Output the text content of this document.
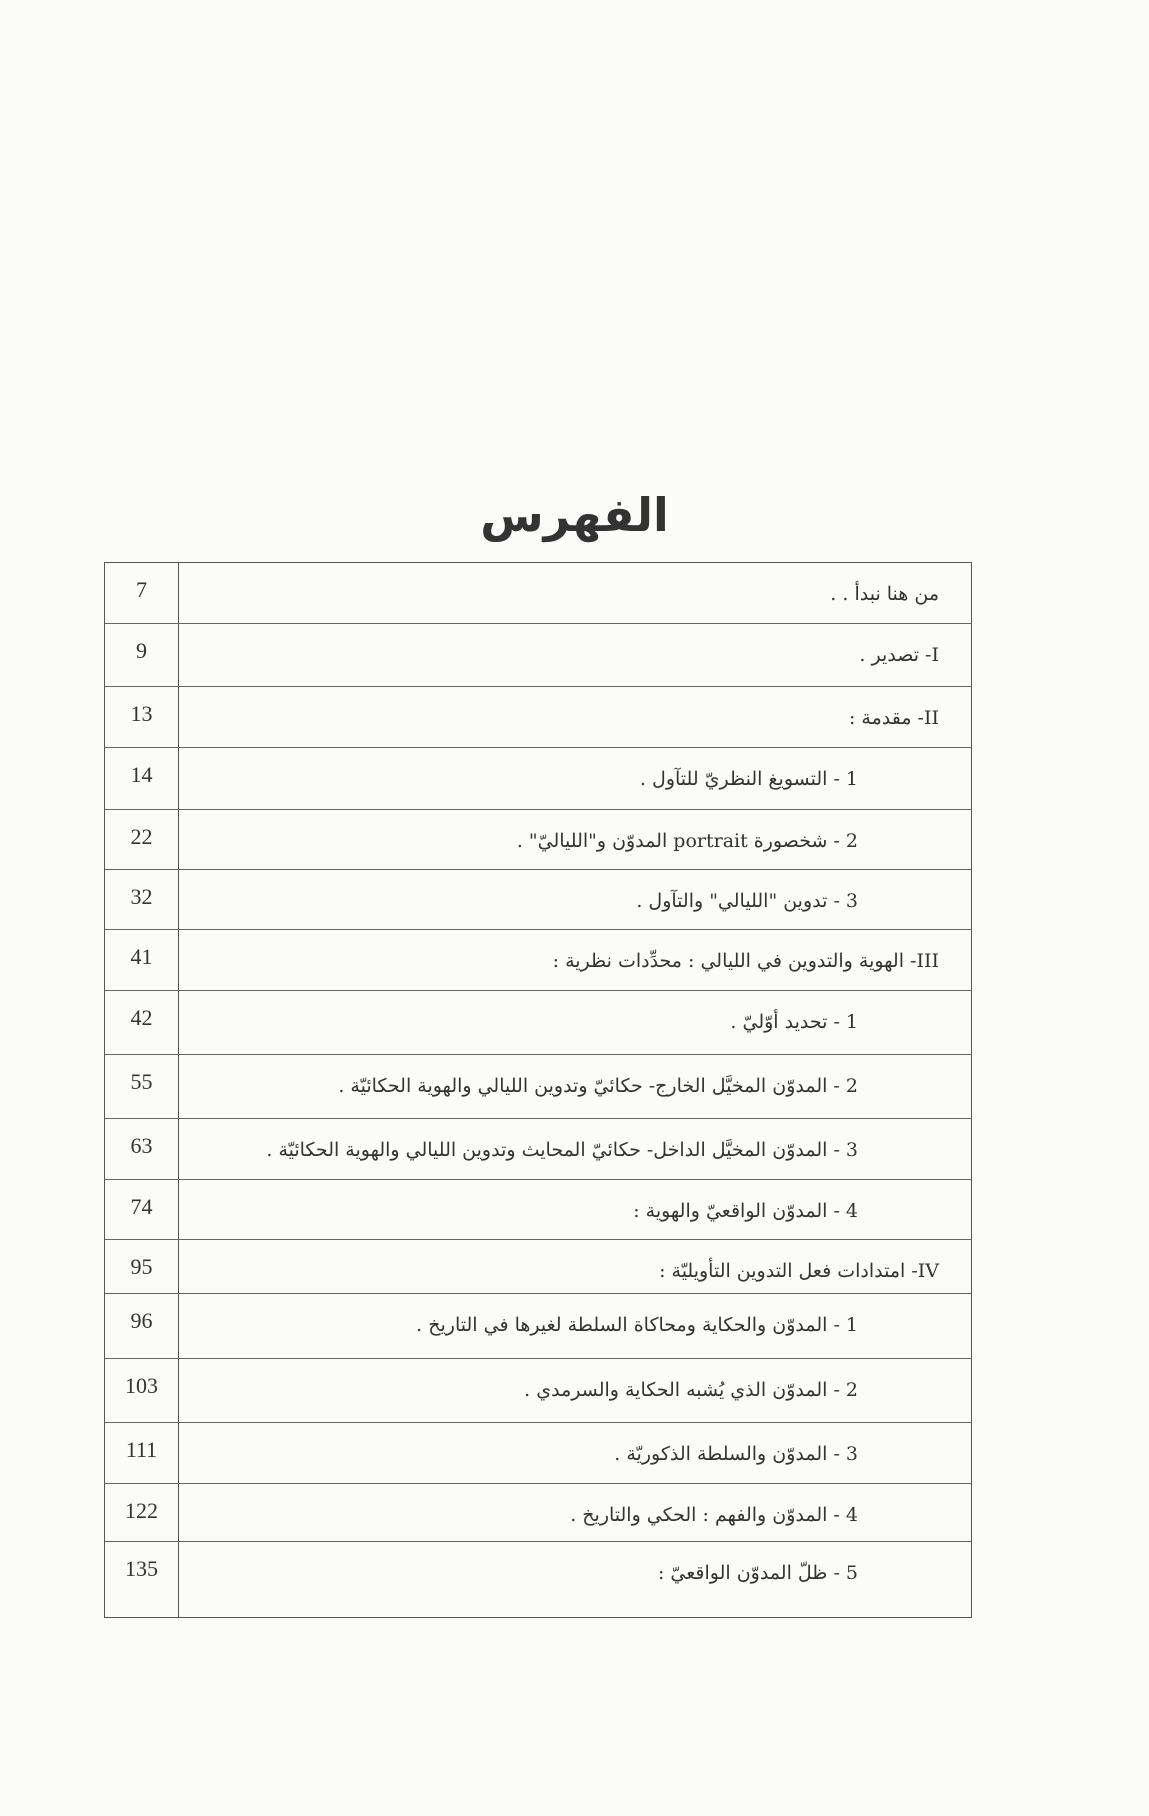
الفهرس
7	من هنا نبدأ . .
9	I- تصدير .
13	II- مقدمة :
14	1 - التسويغ النظريّ للتآول .
22	2 - شخصورة portrait المدوّن و"اللياليّ" .
32	3 - تدوين "الليالي" والتآول .
41	III- الهوية والتدوين في الليالي : محدِّدات نظرية :
42	1 - تحديد أوّليّ .
55	2 - المدوّن المخيَّل الخارج- حكائيّ وتدوين الليالي والهوية الحكائيّة .
63	3 - المدوّن المخيَّل الداخل- حكائيّ المحايث وتدوين الليالي والهوية الحكائيّة .
74	4 - المدوّن الواقعيّ والهوية :
95	IV- امتدادات فعل التدوين التأويليّة :
96	1 - المدوّن والحكاية ومحاكاة السلطة لغيرها في التاريخ .
103	2 - المدوّن الذي يُشبه الحكاية والسرمدي .
111	3 - المدوّن والسلطة الذكوريّة .
122	4 - المدوّن والفهم : الحكي والتاريخ .
135	5 - ظلّ المدوّن الواقعيّ :
